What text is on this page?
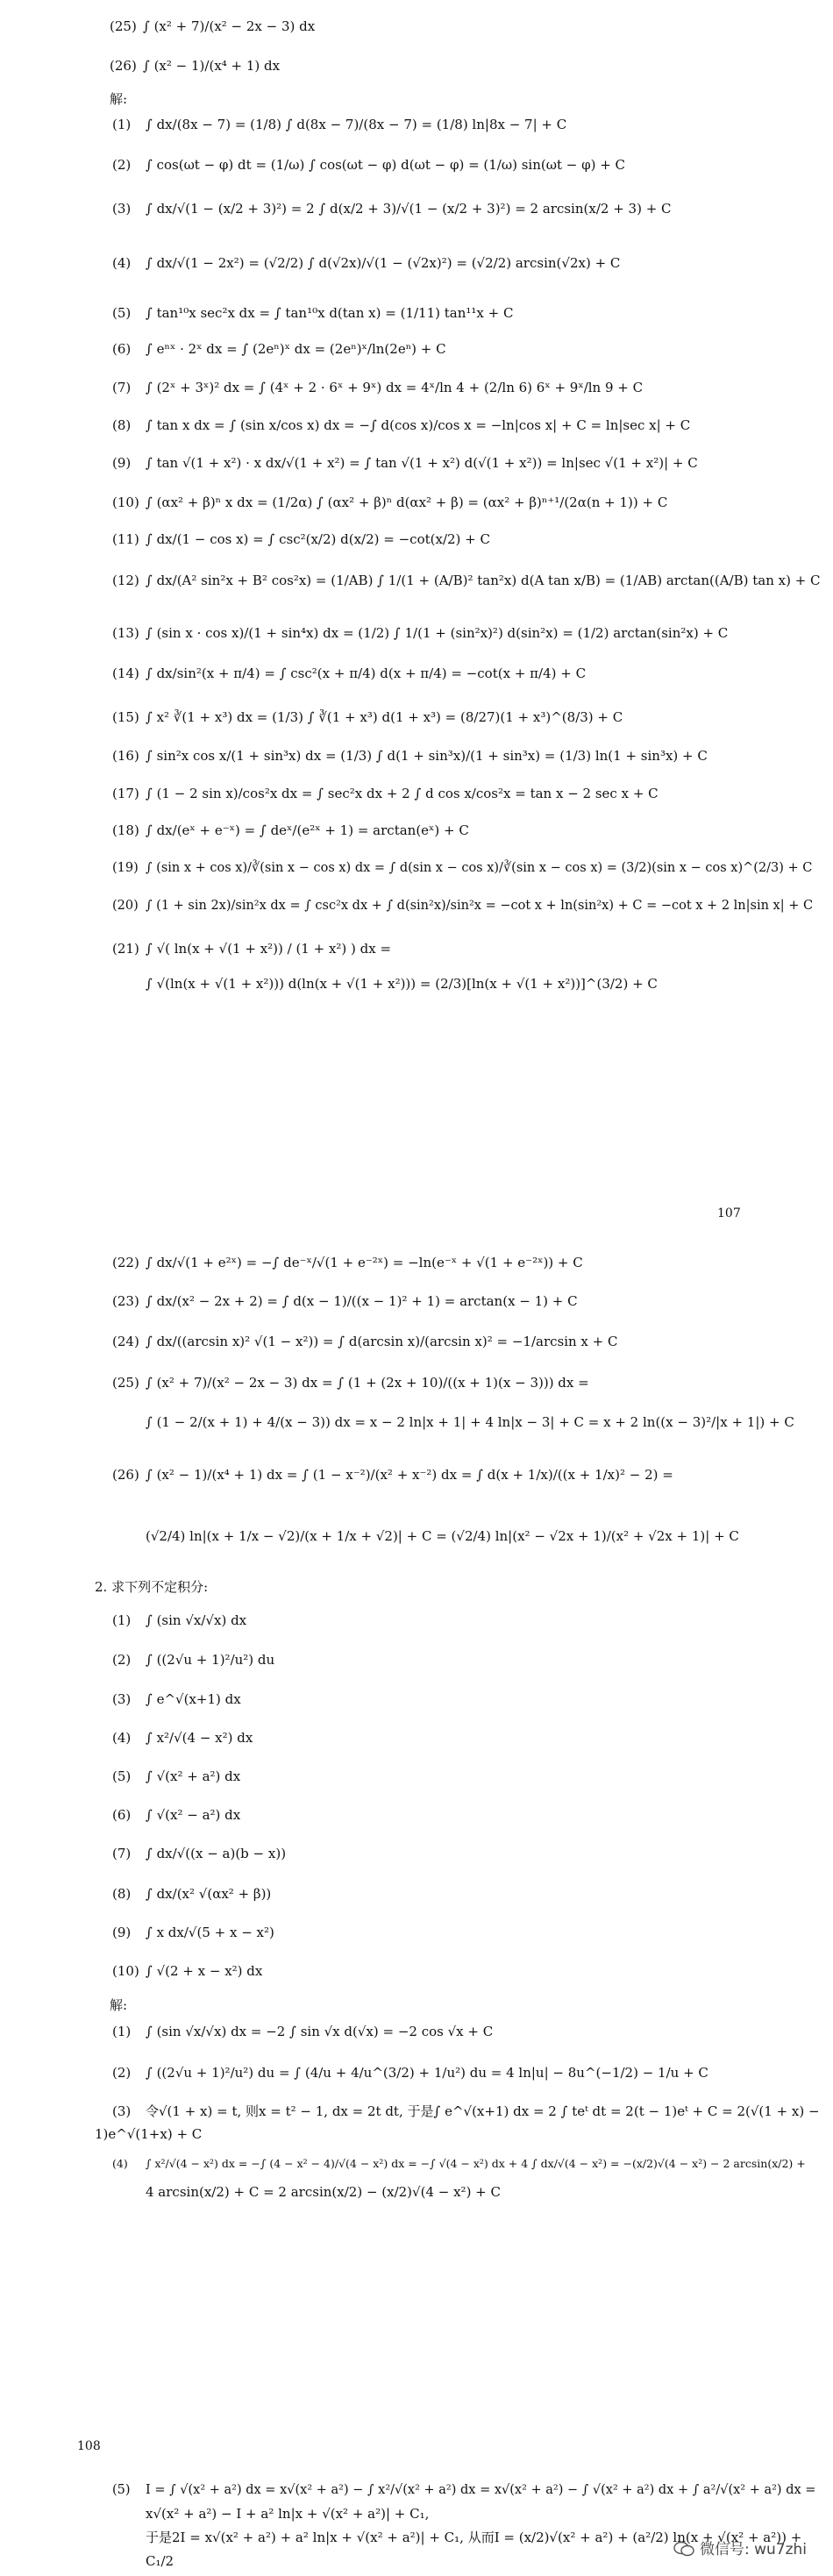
(25) ∫ (x² + 7)/(x² − 2x − 3) dx
(26) ∫ (x² − 1)/(x⁴ + 1) dx
解:
(1) ∫ dx/(8x − 7) = (1/8) ∫ d(8x − 7)/(8x − 7) = (1/8) ln|8x − 7| + C
(2) ∫ cos(ωt − φ) dt = (1/ω) ∫ cos(ωt − φ) d(ωt − φ) = (1/ω) sin(ωt − φ) + C
(3) ∫ dx/√(1 − (x/2 + 3)²) = 2 ∫ d(x/2 + 3)/√(1 − (x/2 + 3)²) = 2 arcsin(x/2 + 3) + C
(4) ∫ dx/√(1 − 2x²) = (√2/2) ∫ d(√2x)/√(1 − (√2x)²) = (√2/2) arcsin(√2x) + C
(5) ∫ tan¹⁰x sec²x dx = ∫ tan¹⁰x d(tan x) = (1/11) tan¹¹x + C
(6) ∫ eⁿˣ · 2ˣ dx = ∫ (2eⁿ)ˣ dx = (2eⁿ)ˣ/ln(2eⁿ) + C
(7) ∫ (2ˣ + 3ˣ)² dx = ∫ (4ˣ + 2 · 6ˣ + 9ˣ) dx = 4ˣ/ln 4 + (2/ln 6) 6ˣ + 9ˣ/ln 9 + C
(8) ∫ tan x dx = ∫ (sin x/cos x) dx = −∫ d(cos x)/cos x = −ln|cos x| + C = ln|sec x| + C
(9) ∫ tan √(1 + x²) · x dx/√(1 + x²) = ∫ tan √(1 + x²) d(√(1 + x²)) = ln|sec √(1 + x²)| + C
(10) ∫ (αx² + β)ⁿ x dx = (1/2α) ∫ (αx² + β)ⁿ d(αx² + β) = (αx² + β)ⁿ⁺¹/(2α(n + 1)) + C
(11) ∫ dx/(1 − cos x) = ∫ csc²(x/2) d(x/2) = −cot(x/2) + C
(12) ∫ dx/(A² sin²x + B² cos²x) = (1/AB) ∫ 1/(1 + (A/B)² tan²x) d(A tan x/B) = (1/AB) arctan((A/B) tan x) + C
(13) ∫ (sin x · cos x)/(1 + sin⁴x) dx = (1/2) ∫ 1/(1 + (sin²x)²) d(sin²x) = (1/2) arctan(sin²x) + C
(14) ∫ dx/sin²(x + π/4) = ∫ csc²(x + π/4) d(x + π/4) = −cot(x + π/4) + C
(15) ∫ x² ∛(1 + x³) dx = (1/3) ∫ ∛(1 + x³) d(1 + x³) = (8/27)(1 + x³)^(8/3) + C
(16) ∫ sin²x cos x/(1 + sin³x) dx = (1/3) ∫ d(1 + sin³x)/(1 + sin³x) = (1/3) ln(1 + sin³x) + C
(17) ∫ (1 − 2 sin x)/cos²x dx = ∫ sec²x dx + 2 ∫ d cos x/cos²x = tan x − 2 sec x + C
(18) ∫ dx/(eˣ + e⁻ˣ) = ∫ deˣ/(e²ˣ + 1) = arctan(eˣ) + C
(19) ∫ (sin x + cos x)/∛(sin x − cos x) dx = ∫ d(sin x − cos x)/∛(sin x − cos x) = (3/2)(sin x − cos x)^(2/3) + C
(20) ∫ (1 + sin 2x)/sin²x dx = ∫ csc²x dx + ∫ d(sin²x)/sin²x = −cot x + ln(sin²x) + C = −cot x + 2 ln|sin x| + C
(21) ∫ √( ln(x + √(1 + x²)) / (1 + x²) ) dx =
∫ √(ln(x + √(1 + x²))) d(ln(x + √(1 + x²))) = (2/3)[ln(x + √(1 + x²))]^(3/2) + C
107
(22) ∫ dx/√(1 + e²ˣ) = −∫ de⁻ˣ/√(1 + e⁻²ˣ) = −ln(e⁻ˣ + √(1 + e⁻²ˣ)) + C
(23) ∫ dx/(x² − 2x + 2) = ∫ d(x − 1)/((x − 1)² + 1) = arctan(x − 1) + C
(24) ∫ dx/((arcsin x)² √(1 − x²)) = ∫ d(arcsin x)/(arcsin x)² = −1/arcsin x + C
(25) ∫ (x² + 7)/(x² − 2x − 3) dx = ∫ (1 + (2x + 10)/((x + 1)(x − 3))) dx =
∫ (1 − 2/(x + 1) + 4/(x − 3)) dx = x − 2 ln|x + 1| + 4 ln|x − 3| + C = x + 2 ln((x − 3)²/|x + 1|) + C
(26) ∫ (x² − 1)/(x⁴ + 1) dx = ∫ (1 − x⁻²)/(x² + x⁻²) dx = ∫ d(x + 1/x)/((x + 1/x)² − 2) =
(√2/4) ln|(x + 1/x − √2)/(x + 1/x + √2)| + C = (√2/4) ln|(x² − √2x + 1)/(x² + √2x + 1)| + C
2. 求下列不定积分:
(1) ∫ (sin √x/√x) dx
(2) ∫ ((2√u + 1)²/u²) du
(3) ∫ e^√(x+1) dx
(4) ∫ x²/√(4 − x²) dx
(5) ∫ √(x² + a²) dx
(6) ∫ √(x² − a²) dx
(7) ∫ dx/√((x − a)(b − x))
(8) ∫ dx/(x² √(αx² + β))
(9) ∫ x dx/√(5 + x − x²)
(10) ∫ √(2 + x − x²) dx
解:
(1) ∫ (sin √x/√x) dx = −2 ∫ sin √x d(√x) = −2 cos √x + C
(2) ∫ ((2√u + 1)²/u²) du = ∫ (4/u + 4/u^(3/2) + 1/u²) du = 4 ln|u| − 8u^(−1/2) − 1/u + C
(3) 令√(1 + x) = t, 则x = t² − 1, dx = 2t dt, 于是∫ e^√(x+1) dx = 2 ∫ teᵗ dt = 2(t − 1)eᵗ + C = 2(√(1 + x) −
1)e^√(1+x) + C
(4) ∫ x²/√(4 − x²) dx = −∫ (4 − x² − 4)/√(4 − x²) dx = −∫ √(4 − x²) dx + 4 ∫ dx/√(4 − x²) = −(x/2)√(4 − x²) − 2 arcsin(x/2) +
4 arcsin(x/2) + C = 2 arcsin(x/2) − (x/2)√(4 − x²) + C
108
(5) I = ∫ √(x² + a²) dx = x√(x² + a²) − ∫ x²/√(x² + a²) dx = x√(x² + a²) − ∫ √(x² + a²) dx + ∫ a²/√(x² + a²) dx =
x√(x² + a²) − I + a² ln|x + √(x² + a²)| + C₁,
于是2I = x√(x² + a²) + a² ln|x + √(x² + a²)| + C₁, 从而I = (x/2)√(x² + a²) + (a²/2) ln(x + √(x² + a²)) +
C₁/2
微信号: wu7zhi
